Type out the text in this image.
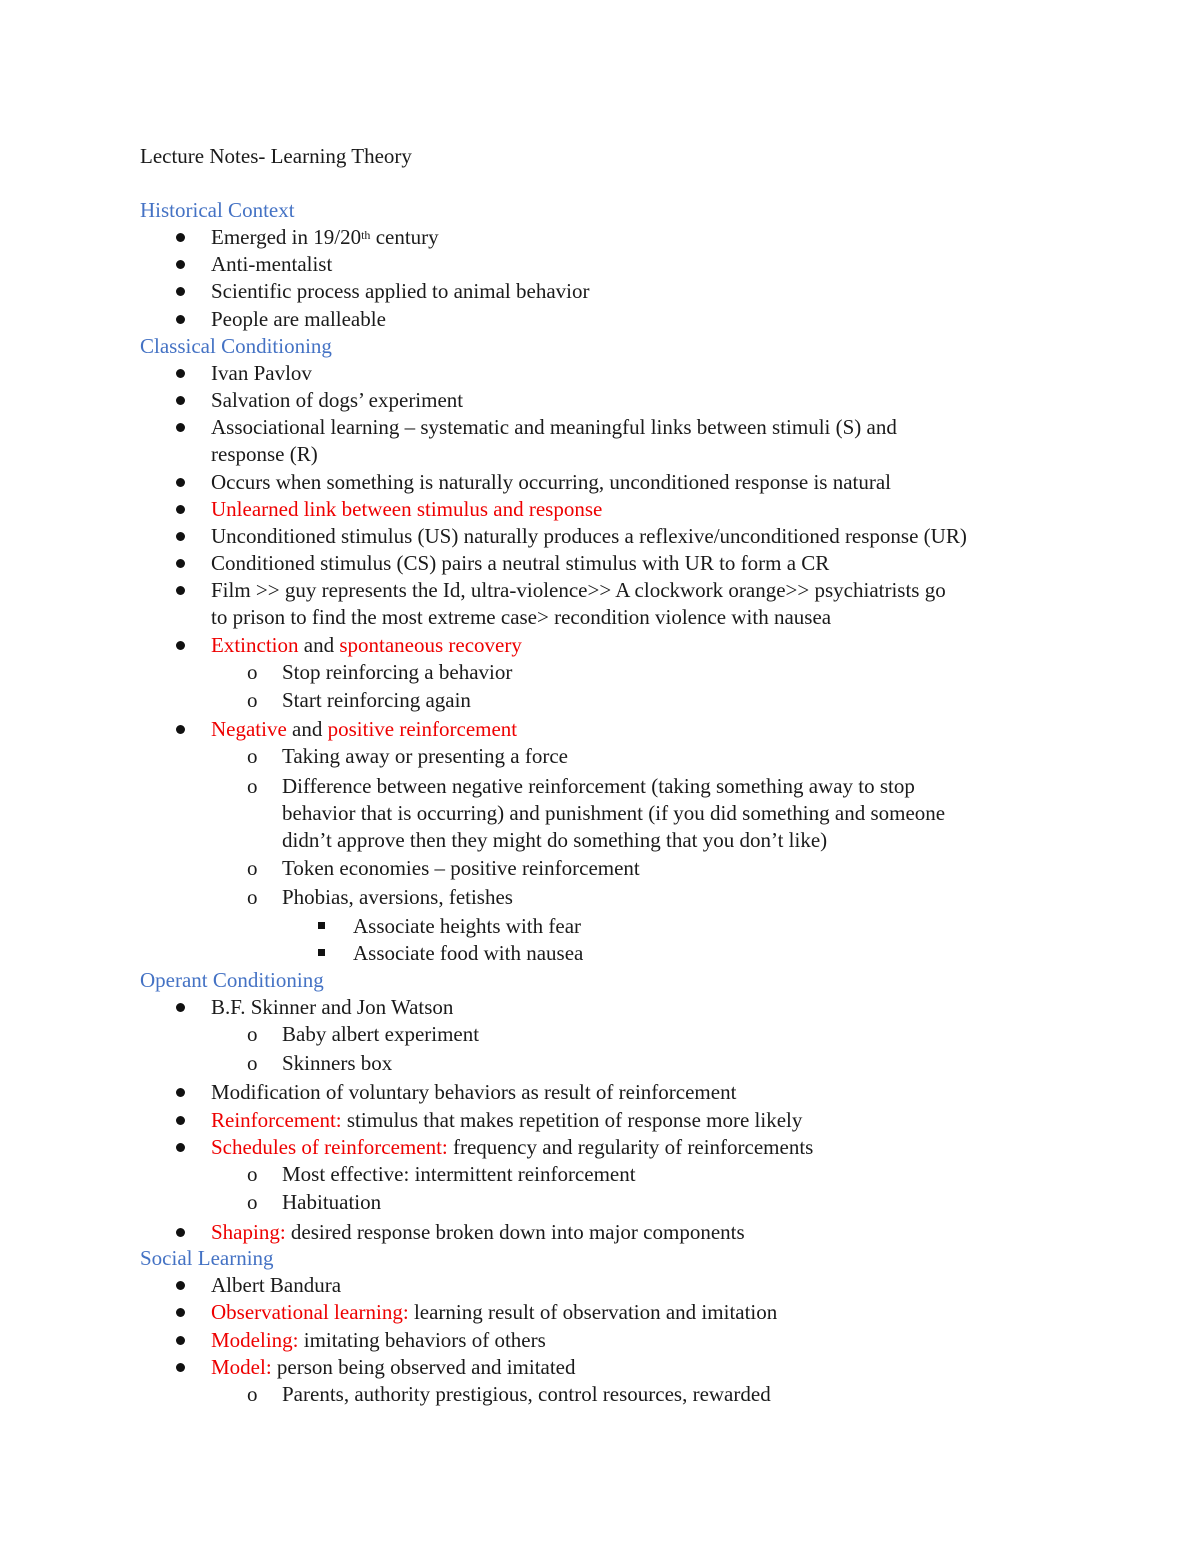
Lecture Notes- Learning Theory
Historical Context
Emerged in 19/20th century
Anti-mentalist
Scientific process applied to animal behavior
People are malleable
Classical Conditioning
Ivan Pavlov
Salvation of dogs’ experiment
Associational learning – systematic and meaningful links between stimuli (S) and
response (R)
Occurs when something is naturally occurring, unconditioned response is natural
Unlearned link between stimulus and response
Unconditioned stimulus (US) naturally produces a reflexive/unconditioned response (UR)
Conditioned stimulus (CS) pairs a neutral stimulus with UR to form a CR
Film >> guy represents the Id, ultra-violence>> A clockwork orange>> psychiatrists go
to prison to find the most extreme case> recondition violence with nausea
Extinction and spontaneous recovery
o Stop reinforcing a behavior
o Start reinforcing again
Negative and positive reinforcement
o Taking away or presenting a force
o Difference between negative reinforcement (taking something away to stop
behavior that is occurring) and punishment (if you did something and someone
didn’t approve then they might do something that you don’t like)
o Token economies – positive reinforcement
o Phobias, aversions, fetishes
Associate heights with fear
Associate food with nausea
Operant Conditioning
B.F. Skinner and Jon Watson
o Baby albert experiment
o Skinners box
Modification of voluntary behaviors as result of reinforcement
Reinforcement: stimulus that makes repetition of response more likely
Schedules of reinforcement: frequency and regularity of reinforcements
o Most effective: intermittent reinforcement
o Habituation
Shaping: desired response broken down into major components
Social Learning
Albert Bandura
Observational learning: learning result of observation and imitation
Modeling: imitating behaviors of others
Model: person being observed and imitated
o Parents, authority prestigious, control resources, rewarded
